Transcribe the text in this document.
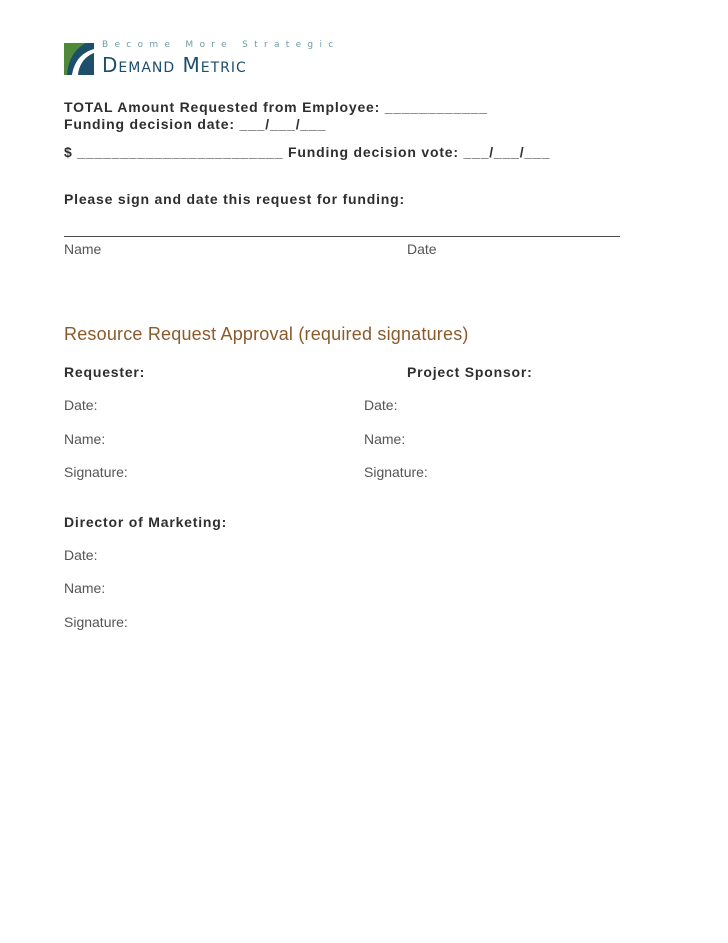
Become More Strategic
Demand Metric
TOTAL Amount Requested from Employee: ____________
Funding decision date: ___/___/___
$ ________________________ Funding decision vote: ___/___/___
Please sign and date this request for funding:
Name	Date
Resource Request Approval (required signatures)
Requester:	Project Sponsor:
Date:	Date:
Name:	Name:
Signature:	Signature:
Director of Marketing:
Date:
Name:
Signature:
